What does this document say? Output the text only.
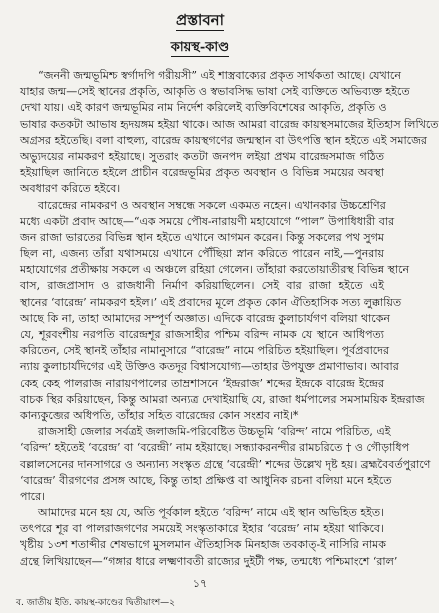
প্রস্তাবনা
কায়স্থ-কাণ্ড
“জননী জন্মভূমিশ্চ স্বর্গাদপি গরীয়সী” এই শাস্ত্রবাক্যের প্রকৃত সার্থকতা আছে। যেখানে
যাহার জন্ম—সেই স্থানের প্রকৃতি, আকৃতি ও স্বভাবসিদ্ধ ভাষা সেই ব্যক্তিতে অভিব্যক্ত হইতে
দেখা যায়। এই কারণ জন্মভূমির নাম নির্দেশ করিলেই ব্যক্তিবিশেষের আকৃতি, প্রকৃতি ও
ভাষার কতকটা আভাষ হৃদয়ঙ্গম হইয়া থাকে। আজ আমরা বারেন্দ্র কায়স্থসমাজের ইতিহাস লিখিতে
অগ্রসর হইতেছি। বলা বাহুল্য, বারেন্দ্র কায়স্থগণের জন্মস্থান বা উৎপত্তি স্থান হইতে এই সমাজের
অভ্যুদয়ের নামকরণ হইয়াছে। সুতরাং কতটা জনপদ লইয়া প্রথম বারেন্দ্রসমাজ গঠিত
হইয়াছিল জানিতে হইলে প্রাচীন বরেন্দ্রভূমির প্রকৃত অবস্থান ও বিভিন্ন সময়ের অবস্থা
অবধারণ করিতে হইবে।
বারেন্দ্রের নামকরণ ও অবস্থান সম্বন্ধে সকলে একমত নহেন। এখানকার উচ্চশ্রেণির
মধ্যে একটা প্রবাদ আছে—“এক সময়ে পৌষ-নারায়ণী মহাযোগে “পাল” উপাধিধারী বার
জন রাজা ভারতের বিভিন্ন স্থান হইতে এখানে আগমন করেন। কিন্তু সকলের পথ সুগম
ছিল না, এজন্য তাঁরা যথাসময়ে এখানে পৌঁছিয়া স্নান করিতে পারেন নাই,—পুনরায়
মহাযোগের প্রতীক্ষায় সকলে এ অঞ্চলে রহিয়া গেলেন। তাঁহারা করতোয়াতীরস্থ বিভিন্ন স্থানে
বাস, রাজপ্রাসাদ ও রাজধানী নির্মাণ করিয়াছিলেন। সেই বার রাজা হইতে এই
স্থানের ‘বারেন্দ্র’ নামকরণ হইল।’ এই প্রবাদের মূলে প্রকৃত কোন ঐতিহাসিক সত্য লুক্কায়িত
আছে কি না, তাহা আমাদের সম্পূর্ণ অজ্ঞাত। এদিকে বারেন্দ্র কুলাচার্যগণ বলিয়া থাকেন
যে, শূরবংশীয় নরপতি বারেন্দ্রশূর রাজসাহীর পশ্চিম বরিন্দ নামক যে স্থানে আধিপত্য
করিতেন, সেই স্থানই তাঁহার নামানুসারে “বারেন্দ্র” নামে পরিচিত হইয়াছিল। পূর্বপ্রবাদের
ন্যায় কুলাচার্যদিগের এই উক্তিও কতদূর বিশ্বাসযোগ্য—তাহার উপযুক্ত প্রমাণাভাব। আবার
কেহ কেহ পালরাজ নারায়ণপালের তাম্রশাসনে ‘ইন্দ্ররাজ’ শব্দের ইন্দ্রকে বারেন্দ্র ইন্দ্রের
বাচক স্থির করিয়াছেন, কিন্তু আমরা অন্যত্র দেখাইয়াছি যে, রাজা ধর্মপালের সমসাময়িক ইন্দ্ররাজ
কান্যকুব্জের অধিপতি, তাঁহার সহিত বারেন্দ্রের কোন সংশ্রব নাই।*
রাজসাহী জেলার সর্বত্রই জলাজমি-পরিবেষ্টিত উচ্চভূমি ‘বরিন্দ’ নামে পরিচিত, এই
‘বরিন্দ’ হইতেই ‘বরেন্দ্র’ বা ‘বরেন্দ্রী’ নাম হইয়াছে। সন্ধ্যাকরনন্দীর রামচরিতে † ও গৌড়াধিপ
বল্লালসেনের দানসাগরে ও অন্যান্য সংস্কৃত গ্রন্থে ‘বরেন্দ্রী’ শব্দের উল্লেখ দৃষ্ট হয়। ব্রহ্মবৈবর্তপুরাণে
‘বারেন্দ্র’ বীরগণের প্রসঙ্গ আছে, কিন্তু তাহা প্রক্ষিপ্ত বা আধুনিক রচনা বলিয়া মনে হইতে
পারে।
আমাদের মনে হয় যে, অতি পূর্বকাল হইতে ‘বরিন্দ’ নামে এই স্থান অভিহিত হইত।
তৎপরে শূর বা পালরাজগণের সময়েই সংস্কৃতাকারে ইহার ‘বরেন্দ্র’ নাম হইয়া থাকিবে।
খৃষ্টীয় ১৩শ শতাব্দীর শেষভাগে মুসলমান ঐতিহাসিক মিনহাজ তবকাত্-ই নাসিরি নামক
গ্রন্থে লিখিয়াছেন—“গঙ্গার ধারে লক্ষ্মণাবতী রাজ্যের দুইটী পক্ষ, তন্মধ্যে পশ্চিমাংশে ‘রাল’
১৭
ব. জাতীয় ইতি. কায়স্থ-কাণ্ডের দ্বিতীয়াংশ—২
